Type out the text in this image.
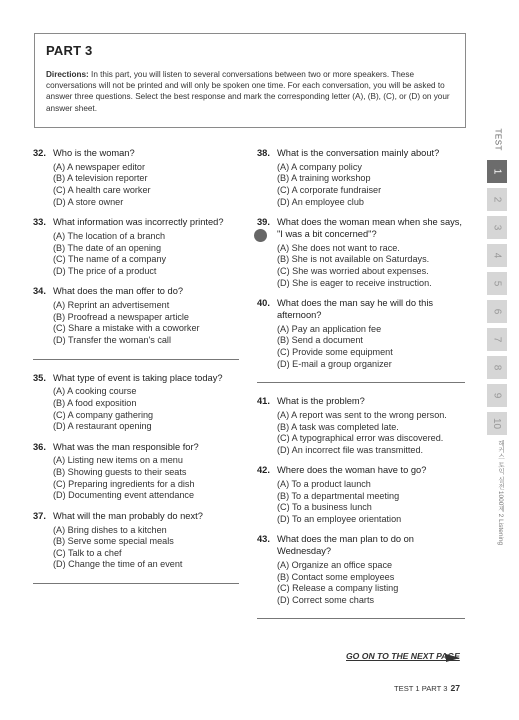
PART 3

Directions: In this part, you will listen to several conversations between two or more speakers. These conversations will not be printed and will only be spoken one time. For each conversation, you will be asked to answer three questions. Select the best response and mark the corresponding letter (A), (B), (C), or (D) on your answer sheet.

32. Who is the woman?
(A) A newspaper editor
(B) A television reporter
(C) A health care worker
(D) A store owner
33. What information was incorrectly printed?
(A) The location of a branch
(B) The date of an opening
(C) The name of a company
(D) The price of a product
34. What does the man offer to do?
(A) Reprint an advertisement
(B) Proofread a newspaper article
(C) Share a mistake with a coworker
(D) Transfer the woman's call
35. What type of event is taking place today?
(A) A cooking course
(B) A food exposition
(C) A company gathering
(D) A restaurant opening
36. What was the man responsible for?
(A) Listing new items on a menu
(B) Showing guests to their seats
(C) Preparing ingredients for a dish
(D) Documenting event attendance
37. What will the man probably do next?
(A) Bring dishes to a kitchen
(B) Serve some special meals
(C) Talk to a chef
(D) Change the time of an event
38. What is the conversation mainly about?
(A) A company policy
(B) A training workshop
(C) A corporate fundraiser
(D) An employee club
39. What does the woman mean when she says, "I was a bit concerned"?
(A) She does not want to race.
(B) She is not available on Saturdays.
(C) She was worried about expenses.
(D) She is eager to receive instruction.
40. What does the man say he will do this afternoon?
(A) Pay an application fee
(B) Send a document
(C) Provide some equipment
(D) E-mail a group organizer
41. What is the problem?
(A) A report was sent to the wrong person.
(B) A task was completed late.
(C) A typographical error was discovered.
(D) An incorrect file was transmitted.
42. Where does the woman have to go?
(A) To a product launch
(B) To a departmental meeting
(C) To a business lunch
(D) To an employee orientation
43. What does the man plan to do on Wednesday?
(A) Organize an office space
(B) Contact some employees
(C) Release a company listing
(D) Correct some charts
TEST
1
2
3
4
5
6
7
8
9
10
해커스 토익 실전 1000제 2 Listening
GO ON TO THE NEXT PAGE
TEST 1 PART 3 27
